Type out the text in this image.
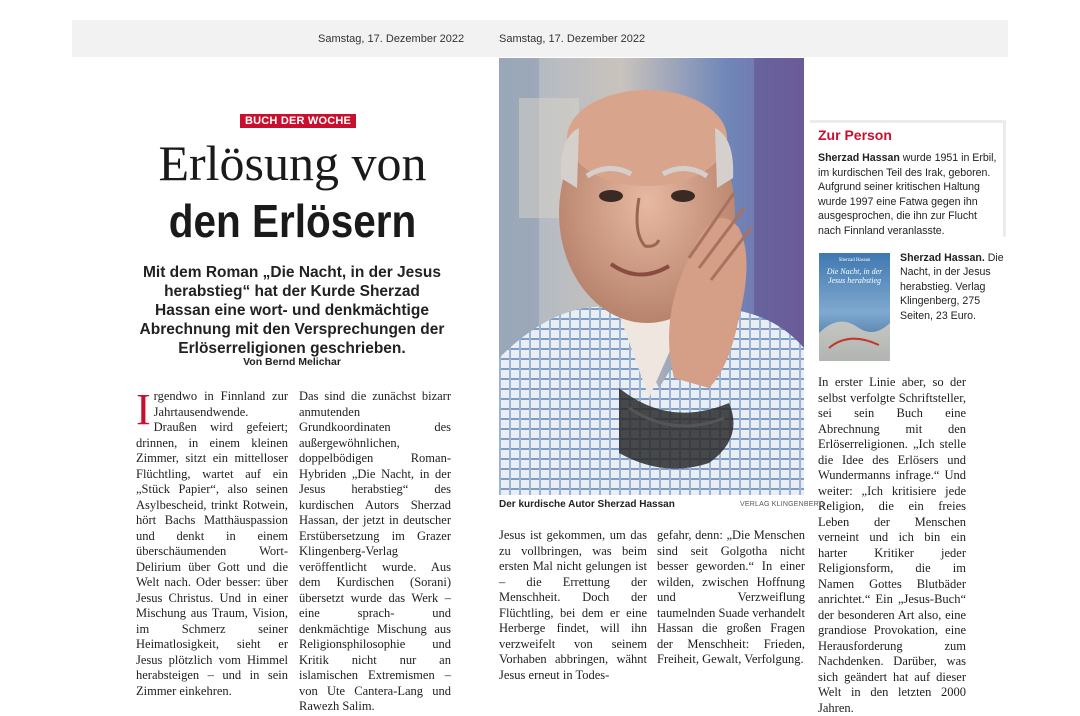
Samstag, 17. Dezember 2022	Samstag, 17. Dezember 2022
BUCH DER WOCHE
Erlösung von
den Erlösern
Mit dem Roman „Die Nacht, in der Jesus herabstieg“ hat der Kurde Sherzad Hassan eine wort- und denkmächtige Abrechnung mit den Versprechungen der Erlöserreligionen geschrieben.
Von Bernd Melichar
Irgendwo in Finnland zur Jahrtausendwende. Draußen wird gefeiert; drinnen, in einem kleinen Zimmer, sitzt ein mittelloser Flüchtling, wartet auf ein „Stück Papier“, also seinen Asylbescheid, trinkt Rotwein, hört Bachs Matthäuspassion und denkt in einem überschäumenden Wort-Delirium über Gott und die Welt nach. Oder besser: über Jesus Christus. Und in einer Mischung aus Traum, Vision, im Schmerz seiner Heimatlosigkeit, sieht er Jesus plötzlich vom Himmel herabsteigen – und in sein Zimmer einkehren.
Das sind die zunächst bizarr anmutenden Grundkoordinaten des außergewöhnlichen, doppelbödigen Roman-Hybriden „Die Nacht, in der Jesus herabstieg“ des kurdischen Autors Sherzad Hassan, der jetzt in deutscher Erstübersetzung im Grazer Klingenberg-Verlag veröffentlicht wurde. Aus dem Kurdischen (Sorani) übersetzt wurde das Werk – eine sprach- und denkmächtige Mischung aus Religionsphilosophie und Kritik nicht nur an islamischen Extremismen – von Ute Cantera-Lang und Rawezh Salim.
Jesus ist gekommen, um das zu vollbringen, was beim ersten Mal nicht gelungen ist – die Errettung der Menschheit. Doch der Flüchtling, bei dem er eine Herberge findet, will ihn verzweifelt von seinem Vorhaben abbringen, wähnt Jesus erneut in Todes-
gefahr, denn: „Die Menschen sind seit Golgotha nicht besser geworden.“ In einer wilden, zwischen Hoffnung und Verzweiflung taumelnden Suade verhandelt Hassan die großen Fragen der Menschheit: Frieden, Freiheit, Gewalt, Verfolgung.
In erster Linie aber, so der selbst verfolgte Schriftsteller, sei sein Buch eine Abrechnung mit den Erlöserreligionen. „Ich stelle die Idee des Erlösers und Wundermanns infrage.“ Und weiter: „Ich kritisiere jede Religion, die ein freies Leben der Menschen verneint und ich bin ein harter Kritiker jeder Religionsform, die im Namen Gottes Blutbäder anrichtet.“ Ein „Jesus-Buch“ der besonderen Art also, eine grandiose Provokation, eine Herausforderung zum Nachdenken. Darüber, was sich geändert hat auf dieser Welt in den letzten 2000 Jahren.
Der kurdische Autor Sherzad Hassan	VERLAG KLINGENBERG
Zur Person
Sherzad Hassan wurde 1951 in Erbil, im kurdischen Teil des Irak, geboren. Aufgrund seiner kritischen Haltung wurde 1997 eine Fatwa gegen ihn ausgesprochen, die ihn zur Flucht nach Finnland veranlasste.
Sherzad Hassan
Die Nacht, in der Jesus herabstieg
Sherzad Hassan. Die Nacht, in der Jesus herabstieg. Verlag Klingenberg, 275 Seiten, 23 Euro.
